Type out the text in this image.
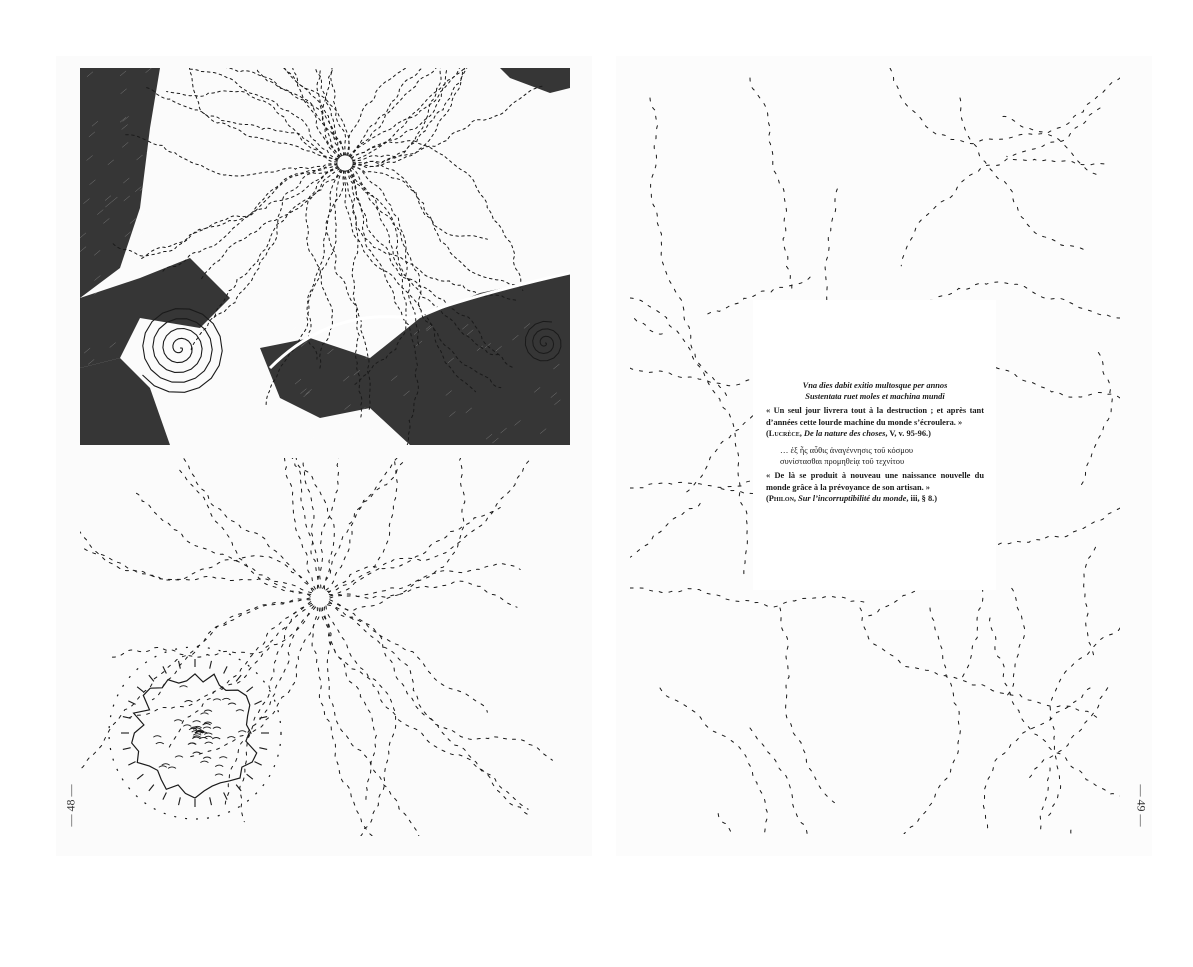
Vna dies dabit exitio multosque per annos

Sustentata ruet moles et machina mundi

« Un seul jour livrera tout à la destruction ; et après tant d’années cette lourde machine du monde s’écroulera. »

(Lucrèce, De la nature des choses, V, v. 95-96.)

… ἐξ ἧς αὖθις ἀναγέννησις τοῦ κόσμου

συνίστασθαι προμηθείᾳ τοῦ τεχνίτου

« De là se produit à nouveau une naissance nouvelle du monde grâce à la prévoyance de son artisan. »

(Philon, Sur l’incorruptibilité du monde, iii, § 8.)

— 48 —	— 49 —
